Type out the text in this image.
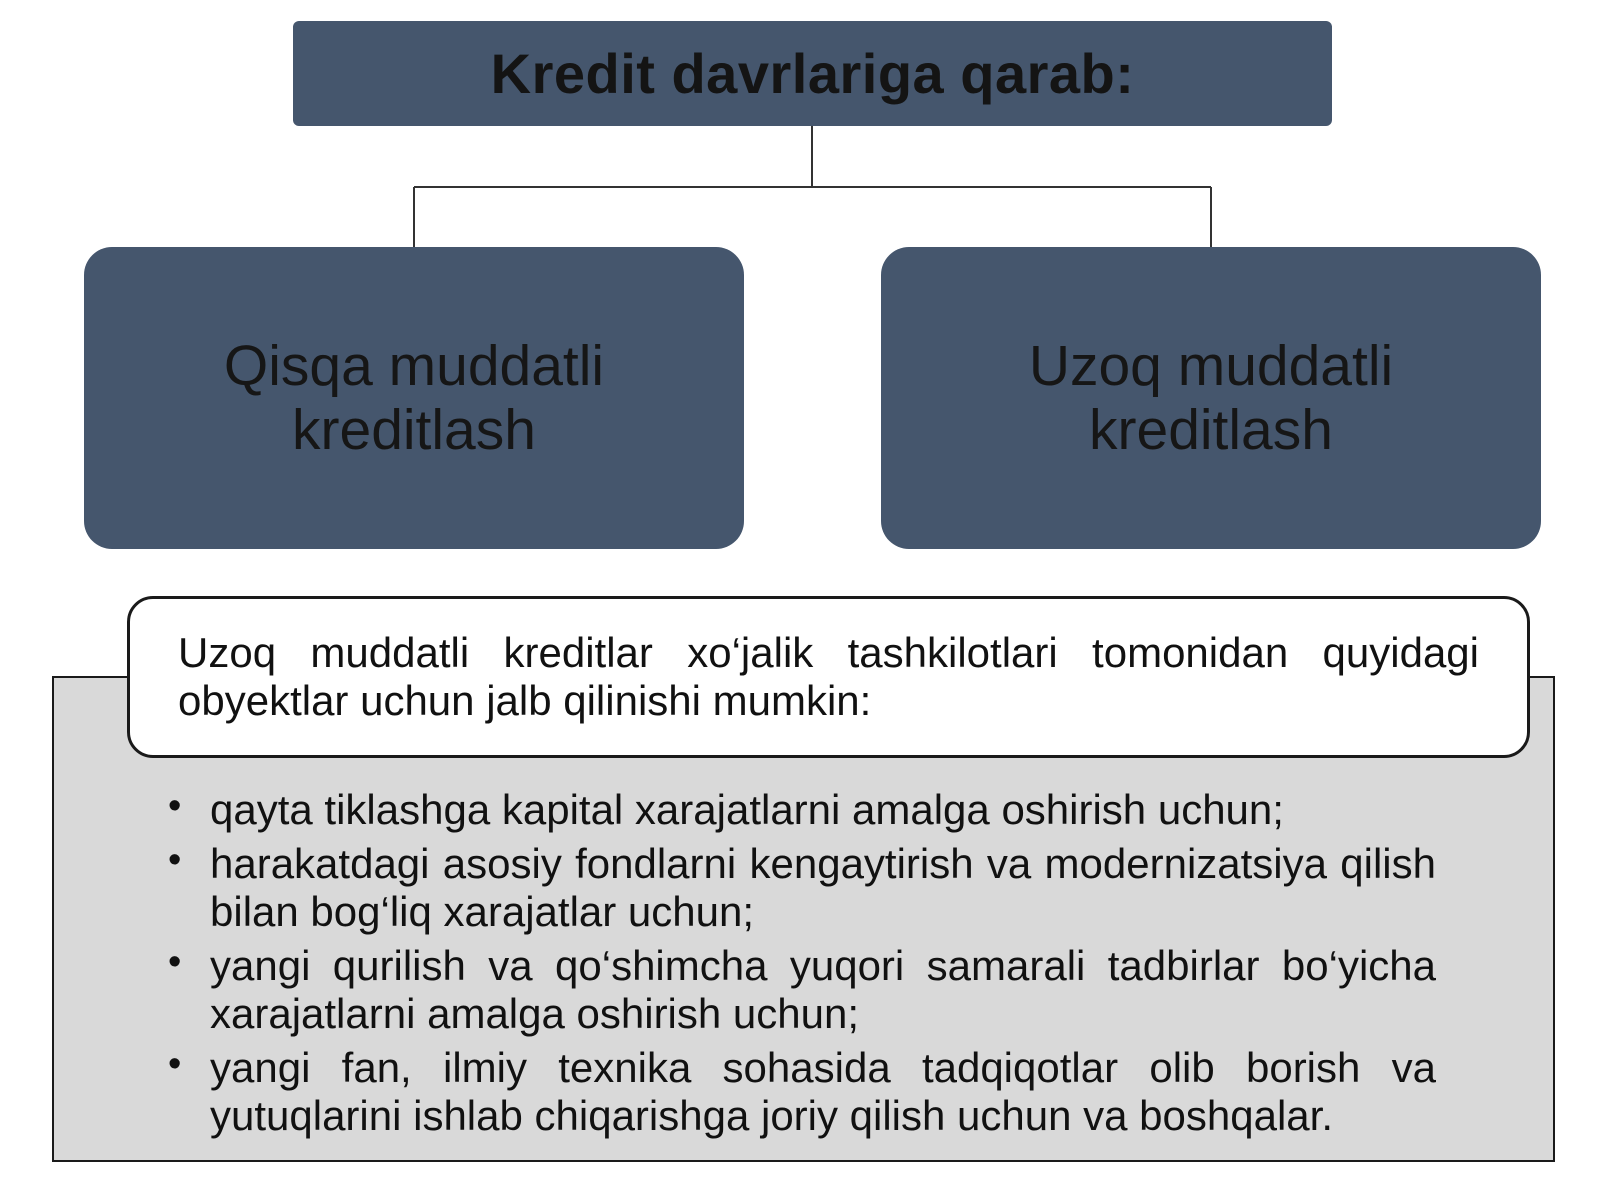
Kredit davrlariga qarab:
Qisqa muddatli
kreditlash
Uzoq muddatli
kreditlash
Uzoq muddatli kreditlar xo‘jalik tashkilotlari tomonidan quyidagi obyektlar uchun jalb qilinishi mumkin:
• qayta tiklashga kapital xarajatlarni amalga oshirish uchun;
• harakatdagi asosiy fondlarni kengaytirish va modernizatsiya qilish bilan bog‘liq xarajatlar uchun;
• yangi qurilish va qo‘shimcha yuqori samarali tadbirlar bo‘yicha xarajatlarni amalga oshirish uchun;
• yangi fan, ilmiy texnika sohasida tadqiqotlar olib borish va yutuqlarini ishlab chiqarishga joriy qilish uchun va boshqalar.
